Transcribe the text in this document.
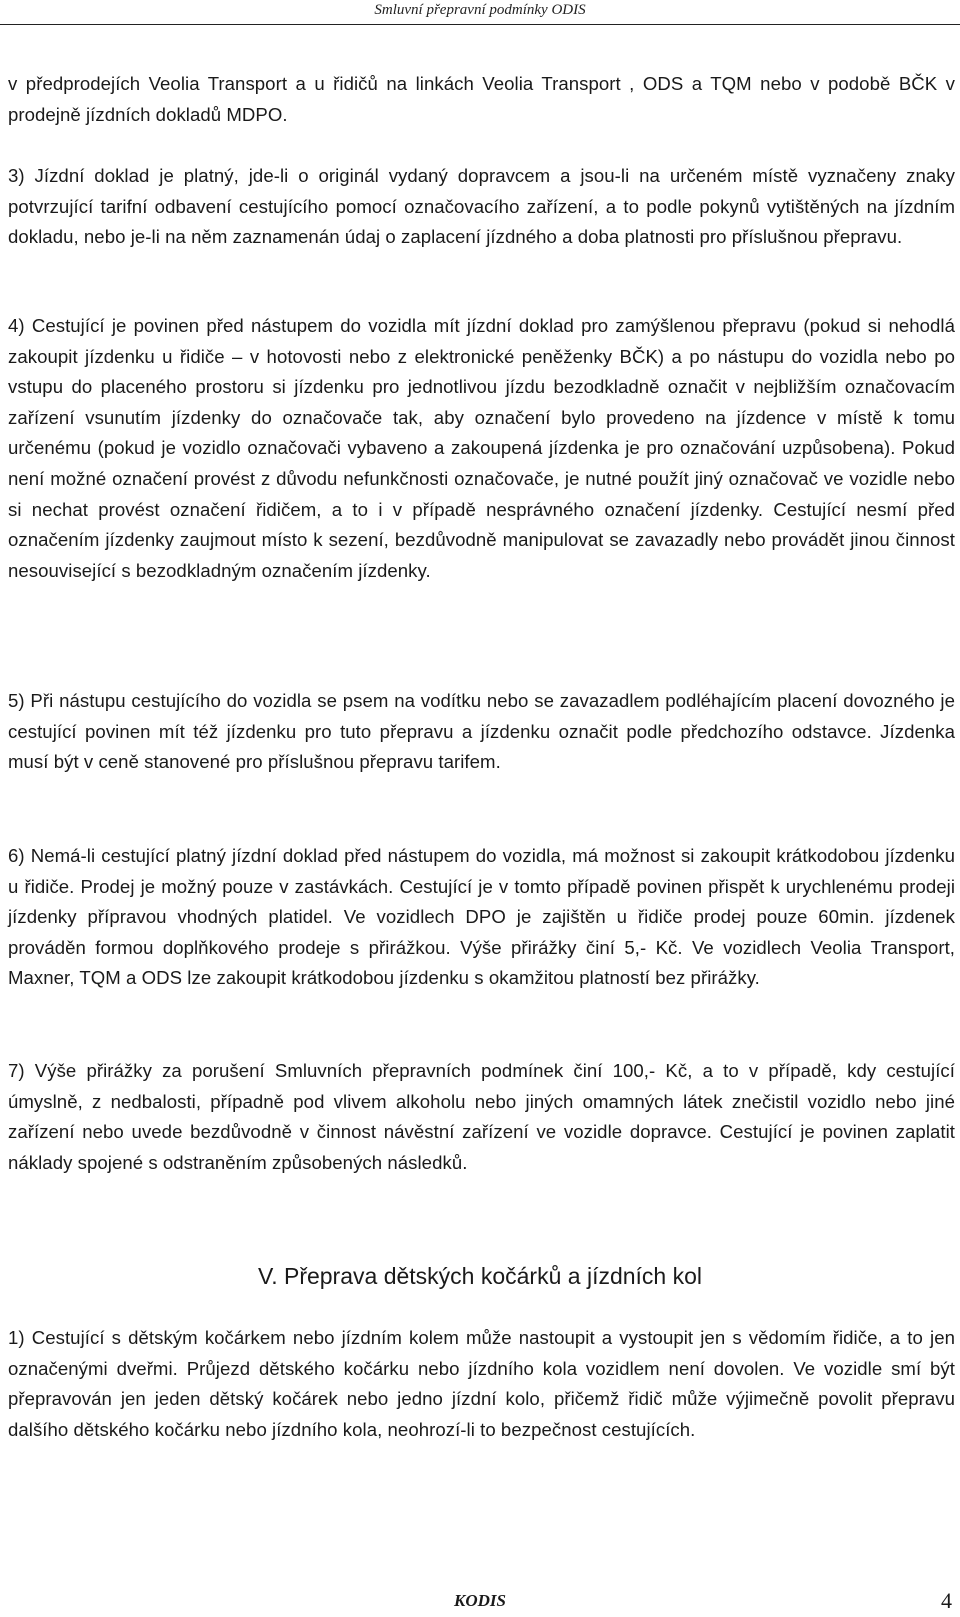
Smluvní přepravní podmínky ODIS

v předprodejích Veolia Transport a u řidičů na linkách Veolia Transport , ODS a TQM nebo v podobě BČK v prodejně jízdních dokladů MDPO.

3) Jízdní doklad je platný, jde-li o originál vydaný dopravcem a jsou-li na určeném místě vyznačeny znaky potvrzující tarifní odbavení cestujícího pomocí označovacího zařízení, a to podle pokynů vytištěných na jízdním dokladu, nebo je-li na něm zaznamenán údaj o zaplacení jízdného a doba platnosti pro příslušnou přepravu.

4) Cestující je povinen před nástupem do vozidla mít jízdní doklad pro zamýšlenou přepravu (pokud si nehodlá zakoupit jízdenku u řidiče – v hotovosti nebo z elektronické peněženky BČK) a po nástupu do vozidla nebo po vstupu do placeného prostoru si jízdenku pro jednotlivou jízdu bezodkladně označit v nejbližším označovacím zařízení vsunutím jízdenky do označovače tak, aby označení bylo provedeno na jízdence v místě k tomu určenému (pokud je vozidlo označovači vybaveno a zakoupená jízdenka je pro označování uzpůsobena). Pokud není možné označení provést z důvodu nefunkčnosti označovače, je nutné použít jiný označovač ve vozidle nebo si nechat provést označení řidičem, a to i v případě nesprávného označení jízdenky. Cestující nesmí před označením jízdenky zaujmout místo k sezení, bezdůvodně manipulovat se zavazadly nebo provádět jinou činnost nesouvisející s bezodkladným označením jízdenky.

5) Při nástupu cestujícího do vozidla se psem na vodítku nebo se zavazadlem podléhajícím placení dovozného je cestující povinen mít též jízdenku pro tuto přepravu a jízdenku označit podle předchozího odstavce. Jízdenka musí být v ceně stanovené pro příslušnou přepravu tarifem.

6) Nemá-li cestující platný jízdní doklad před nástupem do vozidla, má možnost si zakoupit krátkodobou jízdenku u řidiče. Prodej je možný pouze v zastávkách. Cestující je v tomto případě povinen přispět k urychlenému prodeji jízdenky přípravou vhodných platidel. Ve vozidlech DPO je zajištěn u řidiče prodej pouze 60min. jízdenek prováděn formou doplňkového prodeje s přirážkou. Výše přirážky činí 5,- Kč. Ve vozidlech Veolia Transport, Maxner, TQM a ODS lze zakoupit krátkodobou jízdenku s okamžitou platností bez přirážky.

7) Výše přirážky za porušení Smluvních přepravních podmínek činí 100,- Kč, a to v případě, kdy cestující úmyslně, z nedbalosti, případně pod vlivem alkoholu nebo jiných omamných látek znečistil vozidlo nebo jiné zařízení nebo uvede bezdůvodně v činnost návěstní zařízení ve vozidle dopravce. Cestující je povinen zaplatit náklady spojené s odstraněním způsobených následků.

V. Přeprava dětských kočárků a jízdních kol

1) Cestující s dětským kočárkem nebo jízdním kolem může nastoupit a vystoupit jen s vědomím řidiče, a to jen označenými dveřmi. Průjezd dětského kočárku nebo jízdního kola vozidlem není dovolen. Ve vozidle smí být přepravován jen jeden dětský kočárek nebo jedno jízdní kolo, přičemž řidič může výjimečně povolit přepravu dalšího dětského kočárku nebo jízdního kola, neohrozí-li to bezpečnost cestujících.

KODIS	4
